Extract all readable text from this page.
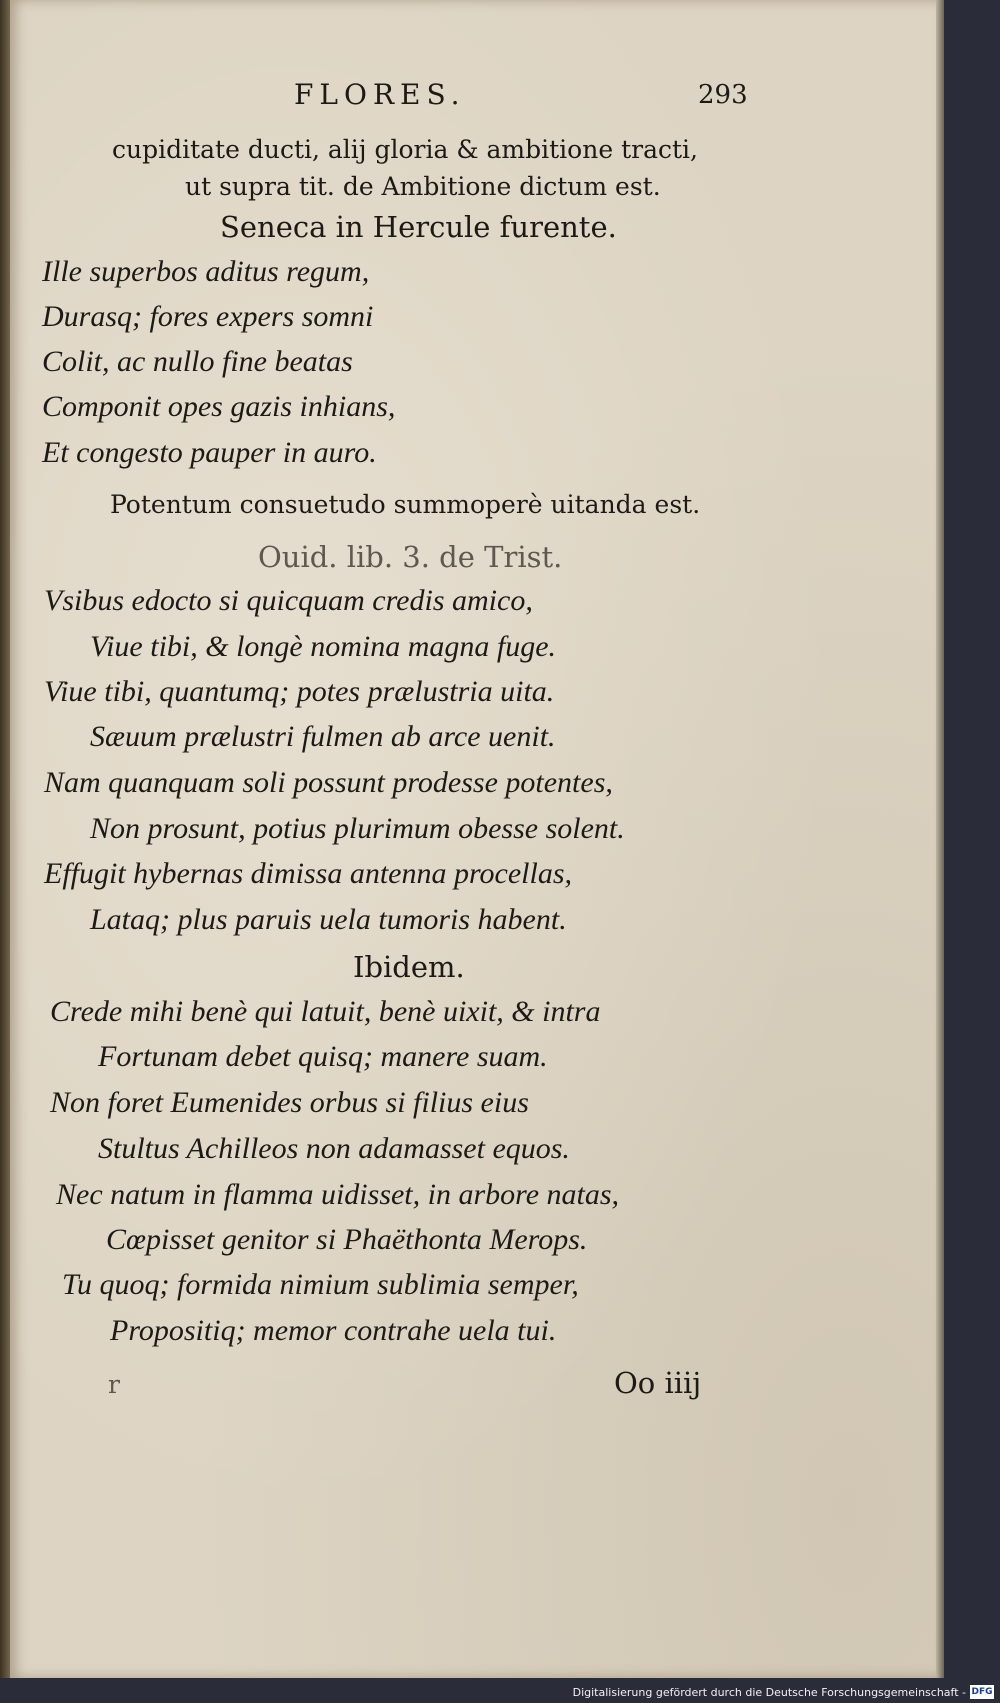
FLORES.	293
cupiditate ducti, alij gloria & ambitione tracti,
ut supra tit. de Ambitione dictum est.
Seneca in Hercule furente.
Ille superbos aditus regum,
Durasq; fores expers somni
Colit, ac nullo fine beatas
Componit opes gazis inhians,
Et congesto pauper in auro.
Potentum consuetudo summoperè uitanda est.
Ouid. lib. 3. de Trist.
Vsibus edocto si quicquam credis amico,
Viue tibi, & longè nomina magna fuge.
Viue tibi, quantumq; potes prælustria uita.
Sæuum prælustri fulmen ab arce uenit.
Nam quanquam soli possunt prodesse potentes,
Non prosunt, potius plurimum obesse solent.
Effugit hybernas dimissa antenna procellas,
Lataq; plus paruis uela tumoris habent.
Ibidem.
Crede mihi benè qui latuit, benè uixit, & intra
Fortunam debet quisq; manere suam.
Non foret Eumenides orbus si filius eius
Stultus Achilleos non adamasset equos.
Nec natum in flamma uidisset, in arbore natas,
Cœpisset genitor si Phaëthonta Merops.
Tu quoq; formida nimium sublimia semper,
Propositiq; memor contrahe uela tui.
r	Oo iiij
Digitalisierung gefördert durch die Deutsche Forschungsgemeinschaft - DFG
